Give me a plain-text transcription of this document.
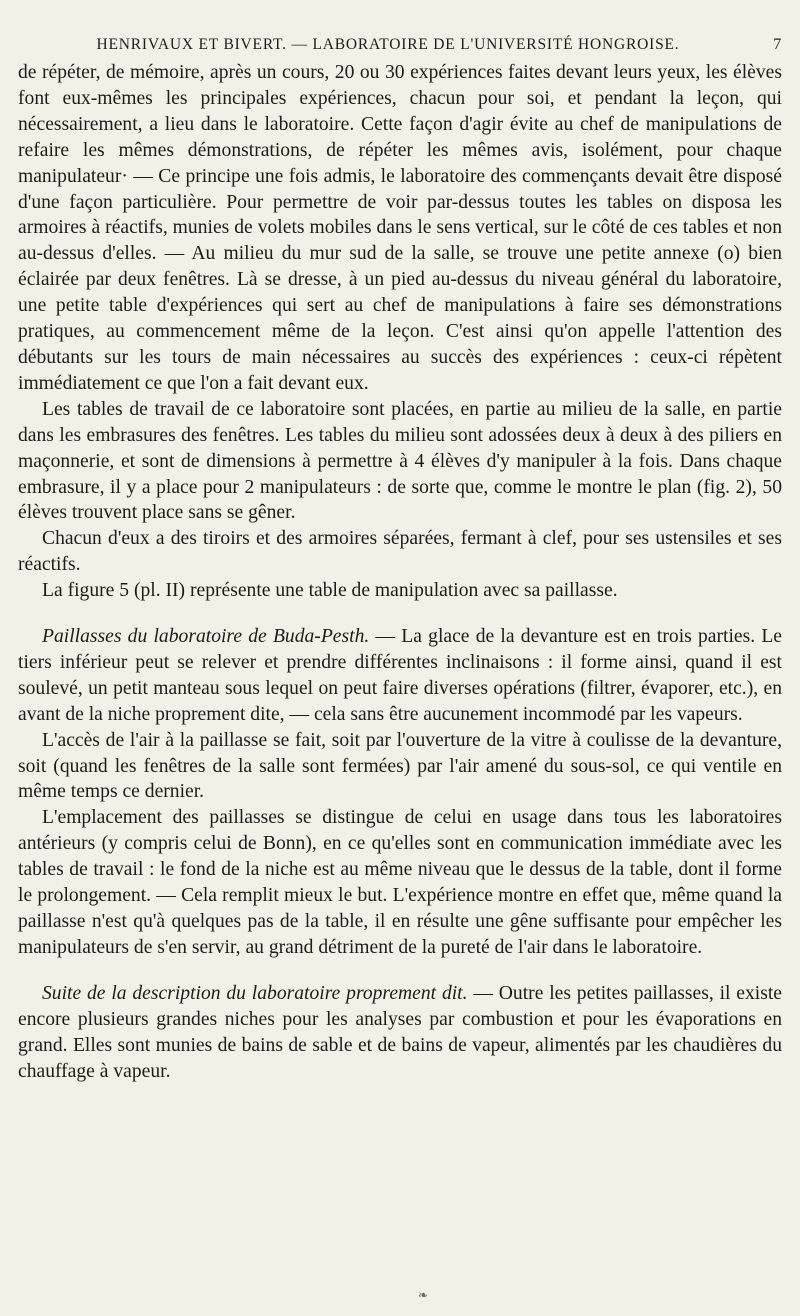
HENRIVAUX ET BIVERT. — LABORATOIRE DE L'UNIVERSITÉ HONGROISE.	7

de répéter, de mémoire, après un cours, 20 ou 30 expériences faites devant leurs yeux, les élèves font eux-mêmes les principales expériences, chacun pour soi, et pendant la leçon, qui nécessairement, a lieu dans le laboratoire. Cette façon d'agir évite au chef de manipulations de refaire les mêmes démonstrations, de répéter les mêmes avis, isolément, pour chaque manipulateur· — Ce principe une fois admis, le laboratoire des commençants devait être disposé d'une façon particulière. Pour permettre de voir par-dessus toutes les tables on disposa les armoires à réactifs, munies de volets mobiles dans le sens vertical, sur le côté de ces tables et non au-dessus d'elles. — Au milieu du mur sud de la salle, se trouve une petite annexe (o) bien éclairée par deux fenêtres. Là se dresse, à un pied au-dessus du niveau général du laboratoire, une petite table d'expériences qui sert au chef de manipulations à faire ses démonstrations pratiques, au commencement même de la leçon. C'est ainsi qu'on appelle l'attention des débutants sur les tours de main nécessaires au succès des expériences : ceux-ci répètent immédiatement ce que l'on a fait devant eux.

Les tables de travail de ce laboratoire sont placées, en partie au milieu de la salle, en partie dans les embrasures des fenêtres. Les tables du milieu sont adossées deux à deux à des piliers en maçonnerie, et sont de dimensions à permettre à 4 élèves d'y manipuler à la fois. Dans chaque embrasure, il y a place pour 2 manipulateurs : de sorte que, comme le montre le plan (fig. 2), 50 élèves trouvent place sans se gêner.

Chacun d'eux a des tiroirs et des armoires séparées, fermant à clef, pour ses ustensiles et ses réactifs.

La figure 5 (pl. II) représente une table de manipulation avec sa paillasse.

Paillasses du laboratoire de Buda-Pesth. — La glace de la devanture est en trois parties. Le tiers inférieur peut se relever et prendre différentes inclinaisons : il forme ainsi, quand il est soulevé, un petit manteau sous lequel on peut faire diverses opérations (filtrer, évaporer, etc.), en avant de la niche proprement dite, — cela sans être aucunement incommodé par les vapeurs.

L'accès de l'air à la paillasse se fait, soit par l'ouverture de la vitre à coulisse de la devanture, soit (quand les fenêtres de la salle sont fermées) par l'air amené du sous-sol, ce qui ventile en même temps ce dernier.

L'emplacement des paillasses se distingue de celui en usage dans tous les laboratoires antérieurs (y compris celui de Bonn), en ce qu'elles sont en communication immédiate avec les tables de travail : le fond de la niche est au même niveau que le dessus de la table, dont il forme le prolongement. — Cela remplit mieux le but. L'expérience montre en effet que, même quand la paillasse n'est qu'à quelques pas de la table, il en résulte une gêne suffisante pour empêcher les manipulateurs de s'en servir, au grand détriment de la pureté de l'air dans le laboratoire.

Suite de la description du laboratoire proprement dit. — Outre les petites paillasses, il existe encore plusieurs grandes niches pour les analyses par combustion et pour les évaporations en grand. Elles sont munies de bains de sable et de bains de vapeur, alimentés par les chaudières du chauffage à vapeur.

❧
